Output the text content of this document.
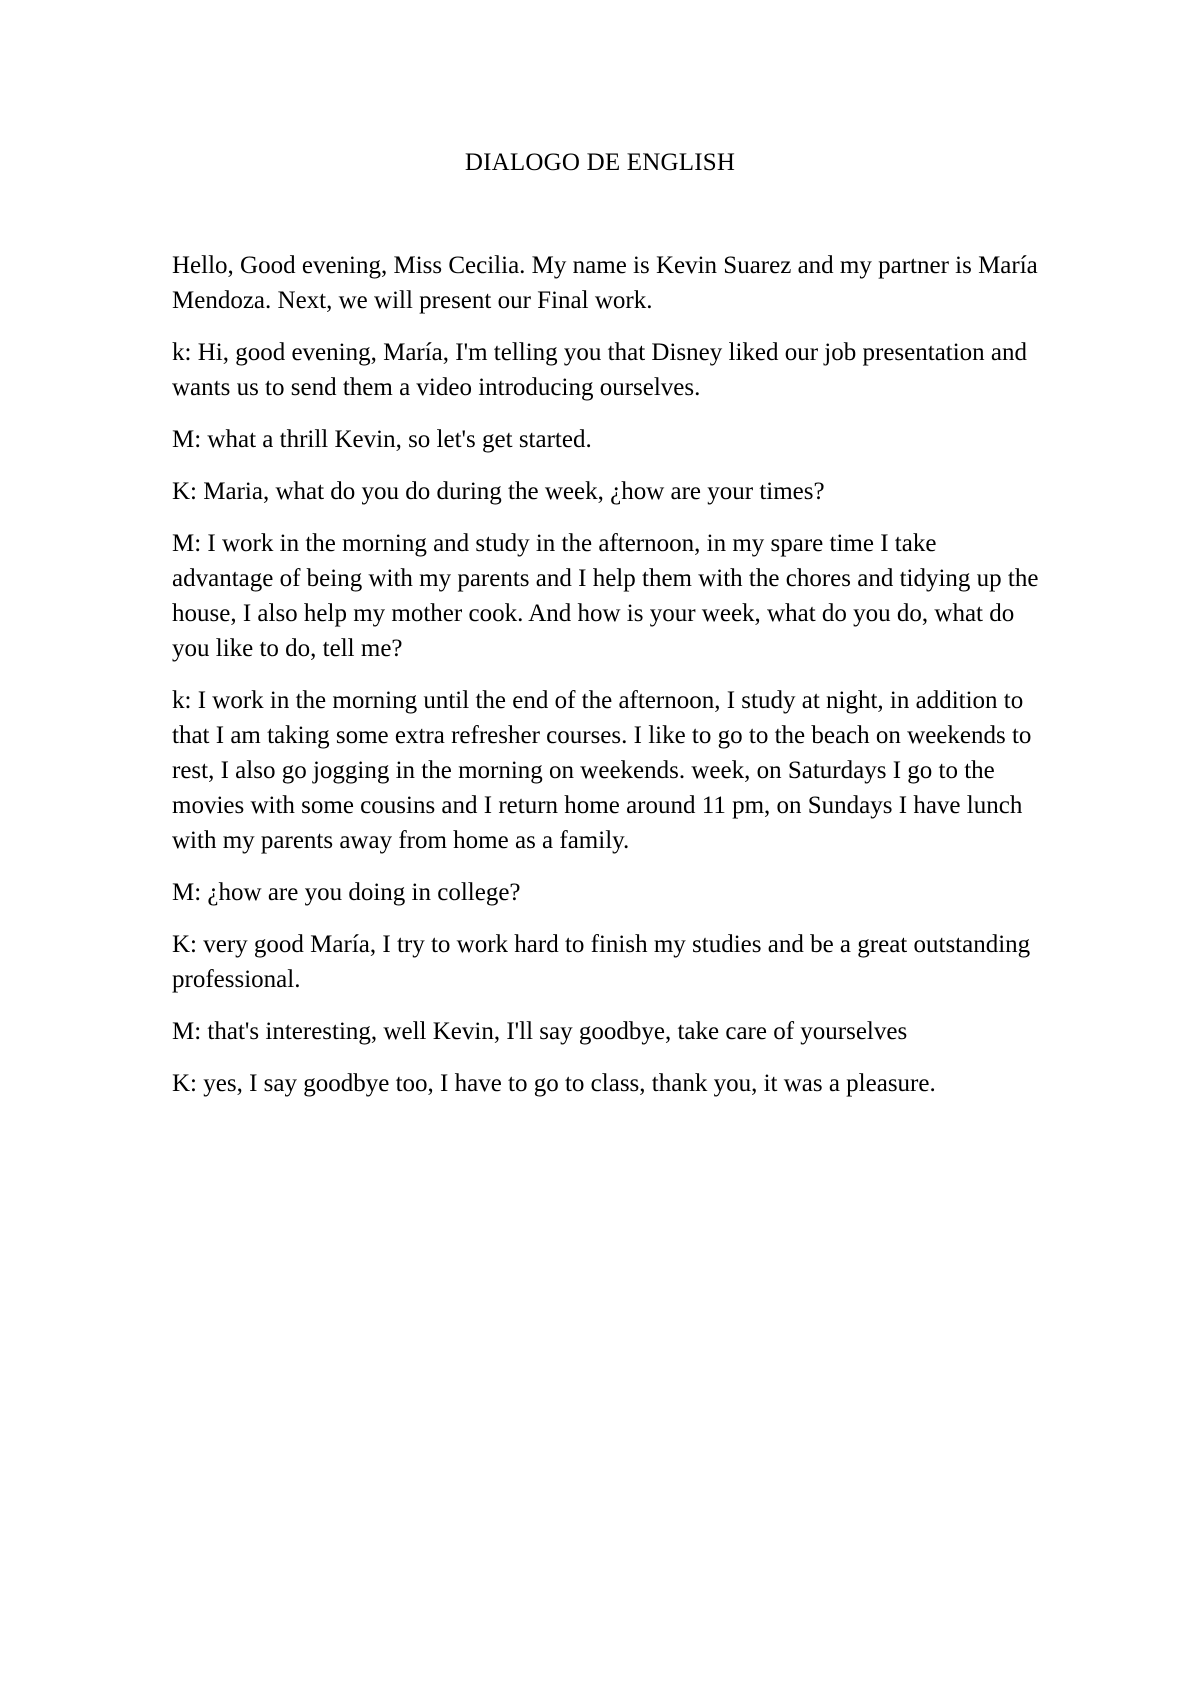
DIALOGO DE ENGLISH

Hello, Good evening, Miss Cecilia. My name is Kevin Suarez and my partner is María Mendoza. Next, we will present our Final work.

k: Hi, good evening, María, I'm telling you that Disney liked our job presentation and wants us to send them a video introducing ourselves.

M: what a thrill Kevin, so let's get started.

K: Maria, what do you do during the week, ¿how are your times?

M: I work in the morning and study in the afternoon, in my spare time I take advantage of being with my parents and I help them with the chores and tidying up the house, I also help my mother cook. And how is your week, what do you do, what do you like to do, tell me?

k: I work in the morning until the end of the afternoon, I study at night, in addition to that I am taking some extra refresher courses. I like to go to the beach on weekends to rest, I also go jogging in the morning on weekends. week, on Saturdays I go to the movies with some cousins and I return home around 11 pm, on Sundays I have lunch with my parents away from home as a family.

M: ¿how are you doing in college?

K: very good María, I try to work hard to finish my studies and be a great outstanding professional.

M: that's interesting, well Kevin, I'll say goodbye, take care of yourselves

K: yes, I say goodbye too, I have to go to class, thank you, it was a pleasure.
